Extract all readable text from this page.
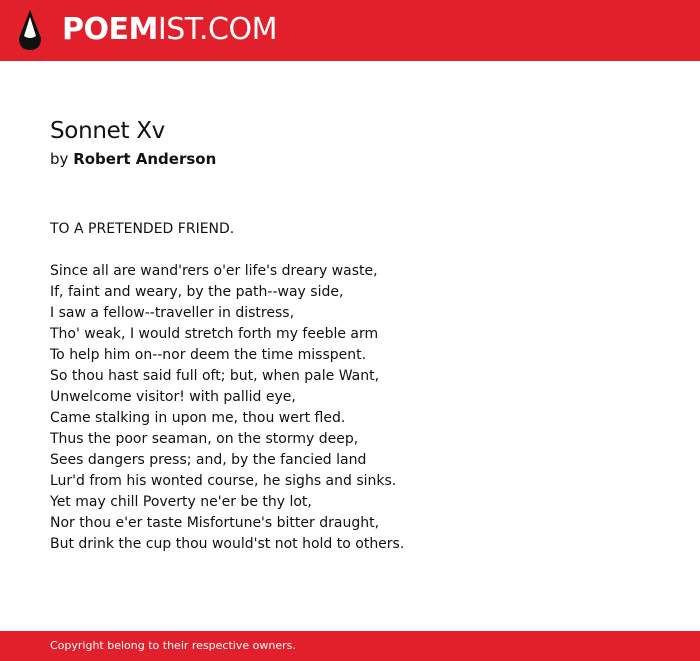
POEMIST.COM
Sonnet Xv
by Robert Anderson
TO A PRETENDED FRIEND.
Since all are wand'rers o'er life's dreary waste,
If, faint and weary, by the path--way side,
I saw a fellow--traveller in distress,
Tho' weak, I would stretch forth my feeble arm
To help him on--nor deem the time misspent.
So thou hast said full oft; but, when pale Want,
Unwelcome visitor! with pallid eye,
Came stalking in upon me, thou wert fled.
Thus the poor seaman, on the stormy deep,
Sees dangers press; and, by the fancied land
Lur'd from his wonted course, he sighs and sinks.
Yet may chill Poverty ne'er be thy lot,
Nor thou e'er taste Misfortune's bitter draught,
But drink the cup thou would'st not hold to others.
Copyright belong to their respective owners.
